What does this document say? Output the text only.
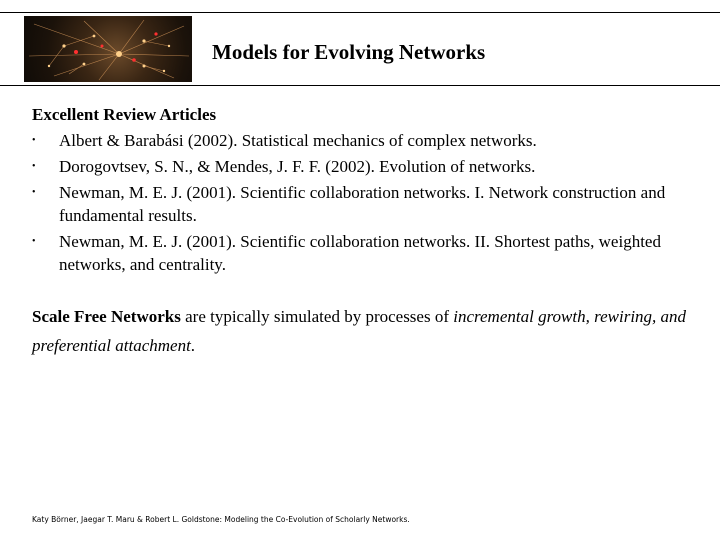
Models for Evolving Networks

Excellent Review Articles

• Albert & Barabási (2002). Statistical mechanics of complex networks.
• Dorogovtsev, S. N., & Mendes, J. F. F. (2002). Evolution of networks.
• Newman, M. E. J. (2001). Scientific collaboration networks. I. Network construction and fundamental results.
• Newman, M. E. J. (2001). Scientific collaboration networks. II. Shortest paths, weighted networks, and centrality.

Scale Free Networks are typically simulated by processes of incremental growth, rewiring, and preferential attachment.

Katy Börner, Jaegar T. Maru & Robert L. Goldstone: Modeling the Co-Evolution of Scholarly Networks.
